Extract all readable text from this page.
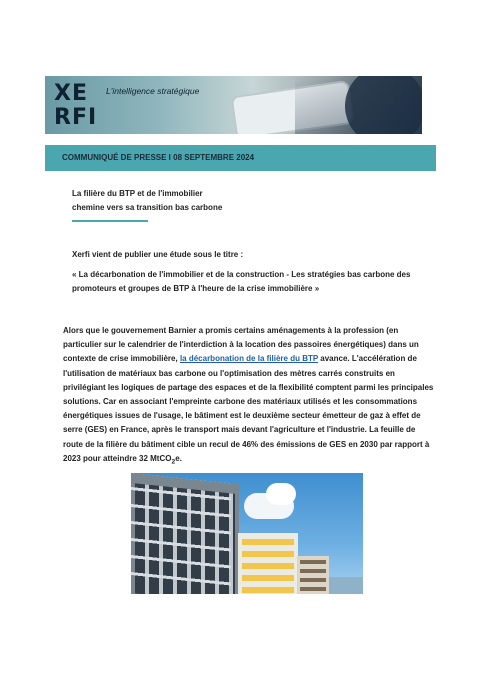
XE
RFI
L'intelligence stratégique
COMMUNIQUÉ DE PRESSE I 08 SEPTEMBRE 2024
La filière du BTP et de l'immobilier
chemine vers sa transition bas carbone
Xerfi vient de publier une étude sous le titre :
« La décarbonation de l'immobilier et de la construction - Les stratégies bas carbone des promoteurs et groupes de BTP à l'heure de la crise immobilière »
Alors que le gouvernement Barnier a promis certains aménagements à la profession (en particulier sur le calendrier de l'interdiction à la location des passoires énergétiques) dans un contexte de crise immobilière, la décarbonation de la filière du BTP avance. L'accélération de l'utilisation de matériaux bas carbone ou l'optimisation des mètres carrés construits en privilégiant les logiques de partage des espaces et de la flexibilité comptent parmi les principales solutions. Car en associant l'empreinte carbone des matériaux utilisés et les consommations énergétiques issues de l'usage, le bâtiment est le deuxième secteur émetteur de gaz à effet de serre (GES) en France, après le transport mais devant l'agriculture et l'industrie. La feuille de route de la filière du bâtiment cible un recul de 46% des émissions de GES en 2030 par rapport à 2023 pour atteindre 32 MtCO$_2$e.
